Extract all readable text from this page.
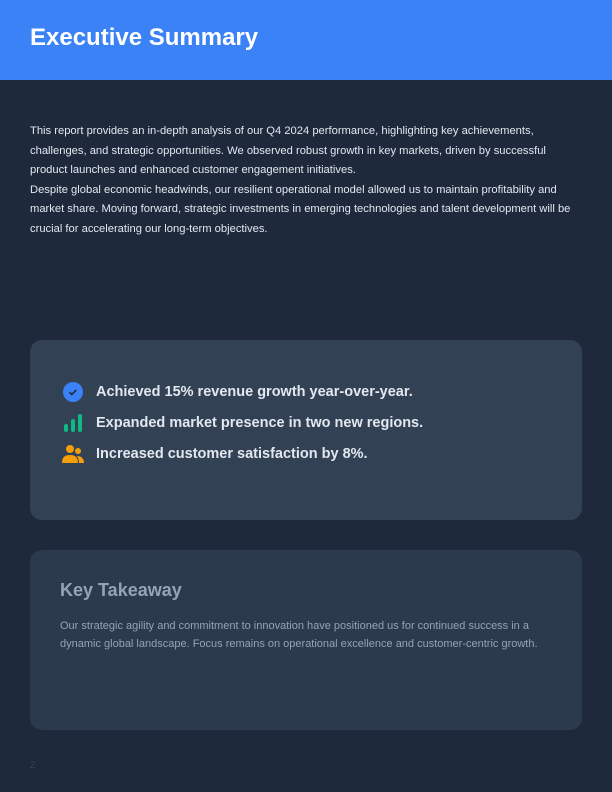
Executive Summary

This report provides an in-depth analysis of our Q4 2024 performance, highlighting key achievements, challenges, and strategic opportunities. We observed robust growth in key markets, driven by successful product launches and enhanced customer engagement initiatives.

Despite global economic headwinds, our resilient operational model allowed us to maintain profitability and market share. Moving forward, strategic investments in emerging technologies and talent development will be crucial for accelerating our long-term objectives.

Achieved 15% revenue growth year-over-year.
Expanded market presence in two new regions.
Increased customer satisfaction by 8%.
Key Takeaway

Our strategic agility and commitment to innovation have positioned us for continued success in a dynamic global landscape. Focus remains on operational excellence and customer-centric growth.

2
